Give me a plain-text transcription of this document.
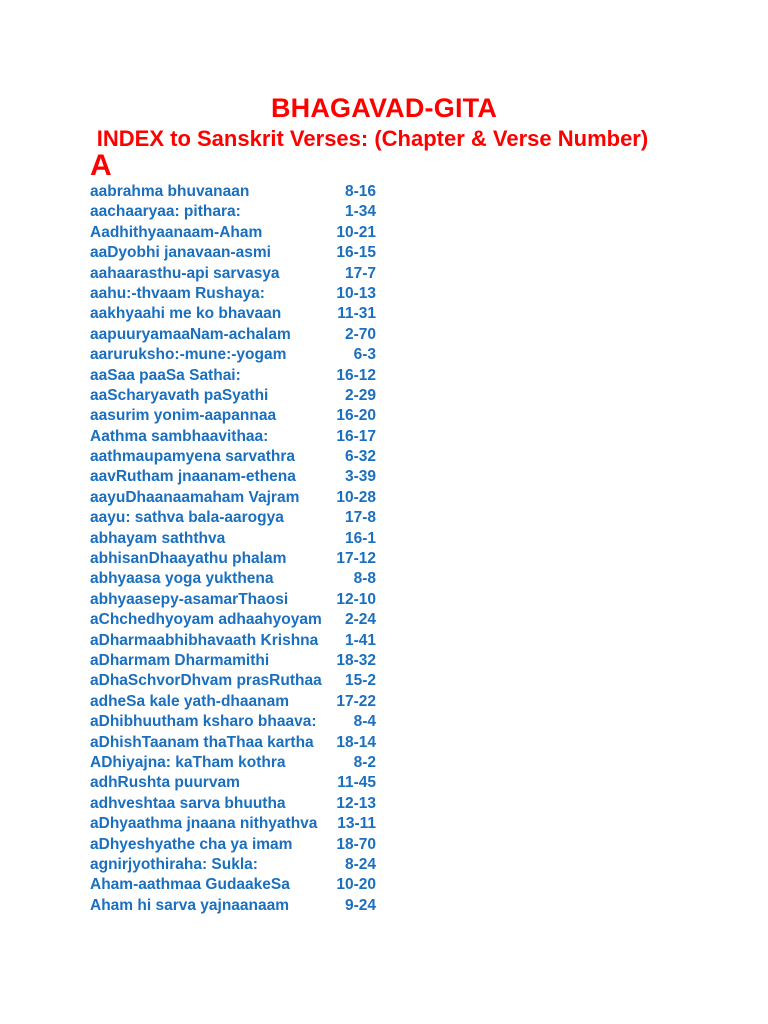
BHAGAVAD-GITA
INDEX to Sanskrit Verses: (Chapter & Verse Number)
A
aabrahma bhuvanaan	8-16
aachaaryaa: pithara:	1-34
Aadhithyaanaam-Aham	10-21
aaDyobhi janavaan-asmi	16-15
aahaarasthu-api sarvasya	17-7
aahu:-thvaam Rushaya:	10-13
aakhyaahi me ko bhavaan	11-31
aapuuryamaaNam-achalam	2-70
aaruruksho:-mune:-yogam	6-3
aaSaa paaSa Sathai:	16-12
aaScharyavath paSyathi	2-29
aasurim yonim-aapannaa	16-20
Aathma sambhaavithaa:	16-17
aathmaupamyena sarvathra	6-32
aavRutham jnaanam-ethena	3-39
aayuDhaanaamaham Vajram 10-28
aayu: sathva bala-aarogya	17-8
abhayam saththva	16-1
abhisanDhaayathu phalam	17-12
abhyaasa yoga yukthena	8-8
abhyaasepy-asamarThaosi	12-10
aChchedhyoyam adhaahyoyam 2-24
aDharmaabhibhavaath Krishna 1-41
aDharmam Dharmamithi	18-32
aDhaSchvorDhvam prasRuthaa 15-2
adheSa kale yath-dhaanam	17-22
aDhibhuutham ksharo bhaava: 8-4
aDhishTaanam thaThaa kartha 18-14
ADhiyajna: kaTham kothra	8-2
adhRushta puurvam	11-45
adhveshtaa sarva bhuutha	12-13
aDhyaathma jnaana nithyathva 13-11
aDhyeshyathe cha ya imam	18-70
agnirjyothiraha: Sukla:	8-24
Aham-aathmaa GudaakeSa	10-20
Aham hi sarva yajnaanaam	9-24
